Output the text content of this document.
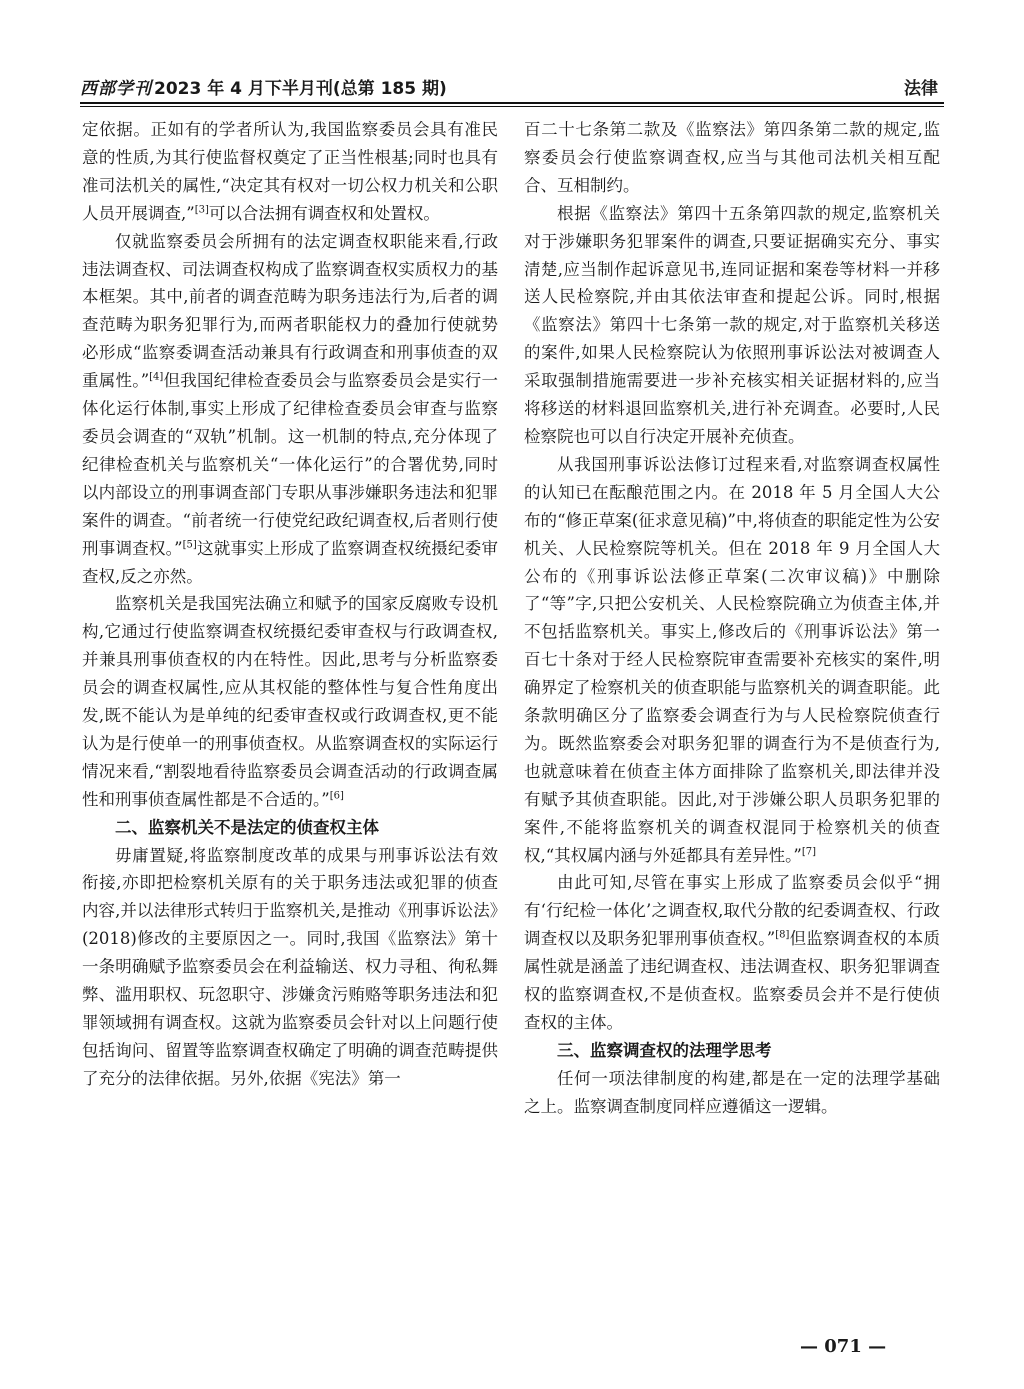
西部学刊 2023 年 4 月下半月刊(总第 185 期)	法律

定依据。正如有的学者所认为,我国监察委员会具有准民意的性质,为其行使监督权奠定了正当性根基;同时也具有准司法机关的属性,“决定其有权对一切公权力机关和公职人员开展调查,”[3]可以合法拥有调查权和处置权。

仅就监察委员会所拥有的法定调查权职能来看,行政违法调查权、司法调查权构成了监察调查权实质权力的基本框架。其中,前者的调查范畴为职务违法行为,后者的调查范畴为职务犯罪行为,而两者职能权力的叠加行使就势必形成“监察委调查活动兼具有行政调查和刑事侦查的双重属性。”[4]但我国纪律检查委员会与监察委员会是实行一体化运行体制,事实上形成了纪律检查委员会审查与监察委员会调查的“双轨”机制。这一机制的特点,充分体现了纪律检查机关与监察机关“一体化运行”的合署优势,同时以内部设立的刑事调查部门专职从事涉嫌职务违法和犯罪案件的调查。“前者统一行使党纪政纪调查权,后者则行使刑事调查权。”[5]这就事实上形成了监察调查权统摄纪委审查权,反之亦然。

监察机关是我国宪法确立和赋予的国家反腐败专设机构,它通过行使监察调查权统摄纪委审查权与行政调查权,并兼具刑事侦查权的内在特性。因此,思考与分析监察委员会的调查权属性,应从其权能的整体性与复合性角度出发,既不能认为是单纯的纪委审查权或行政调查权,更不能认为是行使单一的刑事侦查权。从监察调查权的实际运行情况来看,“割裂地看待监察委员会调查活动的行政调查属性和刑事侦查属性都是不合适的。”[6]

二、监察机关不是法定的侦查权主体

毋庸置疑,将监察制度改革的成果与刑事诉讼法有效衔接,亦即把检察机关原有的关于职务违法或犯罪的侦查内容,并以法律形式转归于监察机关,是推动《刑事诉讼法》(2018)修改的主要原因之一。同时,我国《监察法》第十一条明确赋予监察委员会在利益输送、权力寻租、徇私舞弊、滥用职权、玩忽职守、涉嫌贪污贿赂等职务违法和犯罪领域拥有调查权。这就为监察委员会针对以上问题行使包括询问、留置等监察调查权确定了明确的调查范畴提供了充分的法律依据。另外,依据《宪法》第一

百二十七条第二款及《监察法》第四条第二款的规定,监察委员会行使监察调查权,应当与其他司法机关相互配合、互相制约。

根据《监察法》第四十五条第四款的规定,监察机关对于涉嫌职务犯罪案件的调查,只要证据确实充分、事实清楚,应当制作起诉意见书,连同证据和案卷等材料一并移送人民检察院,并由其依法审查和提起公诉。同时,根据《监察法》第四十七条第一款的规定,对于监察机关移送的案件,如果人民检察院认为依照刑事诉讼法对被调查人采取强制措施需要进一步补充核实相关证据材料的,应当将移送的材料退回监察机关,进行补充调查。必要时,人民检察院也可以自行决定开展补充侦查。

从我国刑事诉讼法修订过程来看,对监察调查权属性的认知已在酝酿范围之内。在 2018 年 5 月全国人大公布的“修正草案(征求意见稿)”中,将侦查的职能定性为公安机关、人民检察院等机关。但在 2018 年 9 月全国人大公布的《刑事诉讼法修正草案(二次审议稿)》中删除了“等”字,只把公安机关、人民检察院确立为侦查主体,并不包括监察机关。事实上,修改后的《刑事诉讼法》第一百七十条对于经人民检察院审查需要补充核实的案件,明确界定了检察机关的侦查职能与监察机关的调查职能。此条款明确区分了监察委会调查行为与人民检察院侦查行为。既然监察委会对职务犯罪的调查行为不是侦查行为,也就意味着在侦查主体方面排除了监察机关,即法律并没有赋予其侦查职能。因此,对于涉嫌公职人员职务犯罪的案件,不能将监察机关的调查权混同于检察机关的侦查权,“其权属内涵与外延都具有差异性。”[7]

由此可知,尽管在事实上形成了监察委员会似乎“拥有‘行纪检一体化’之调查权,取代分散的纪委调查权、行政调查权以及职务犯罪刑事侦查权。”[8]但监察调查权的本质属性就是涵盖了违纪调查权、违法调查权、职务犯罪调查权的监察调查权,不是侦查权。监察委员会并不是行使侦查权的主体。

三、监察调查权的法理学思考

任何一项法律制度的构建,都是在一定的法理学基础之上。监察调查制度同样应遵循这一逻辑。

— 071 —
